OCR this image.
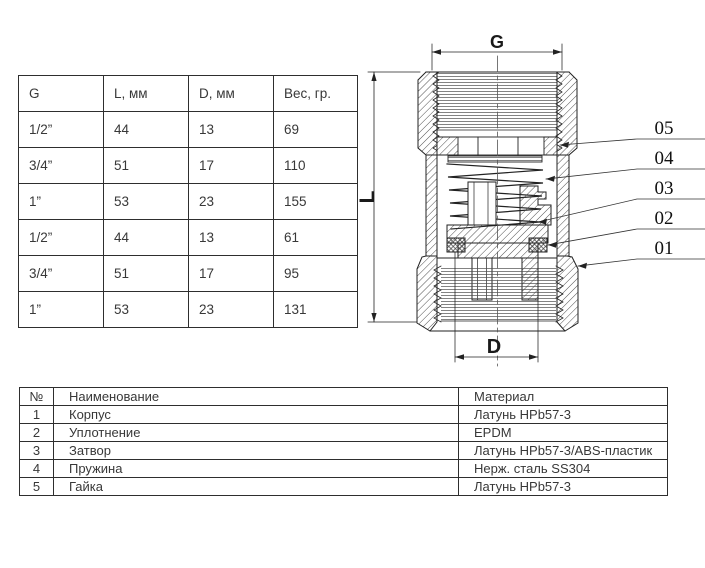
G	L, мм	D, мм	Вес, гр.
1/2”	44	13	69
3/4”	51	17	110
1”	53	23	155
1/2”	44	13	61
3/4”	51	17	95
1”	53	23	131
G
L
D
05
04
03
02
01
№	Наименование	Материал
1	Корпус	Латунь HPb57-3
2	Уплотнение	EPDM
3	Затвор	Латунь HPb57-3/ABS-пластик
4	Пружина	Нерж. сталь SS304
5	Гайка	Латунь HPb57-3
